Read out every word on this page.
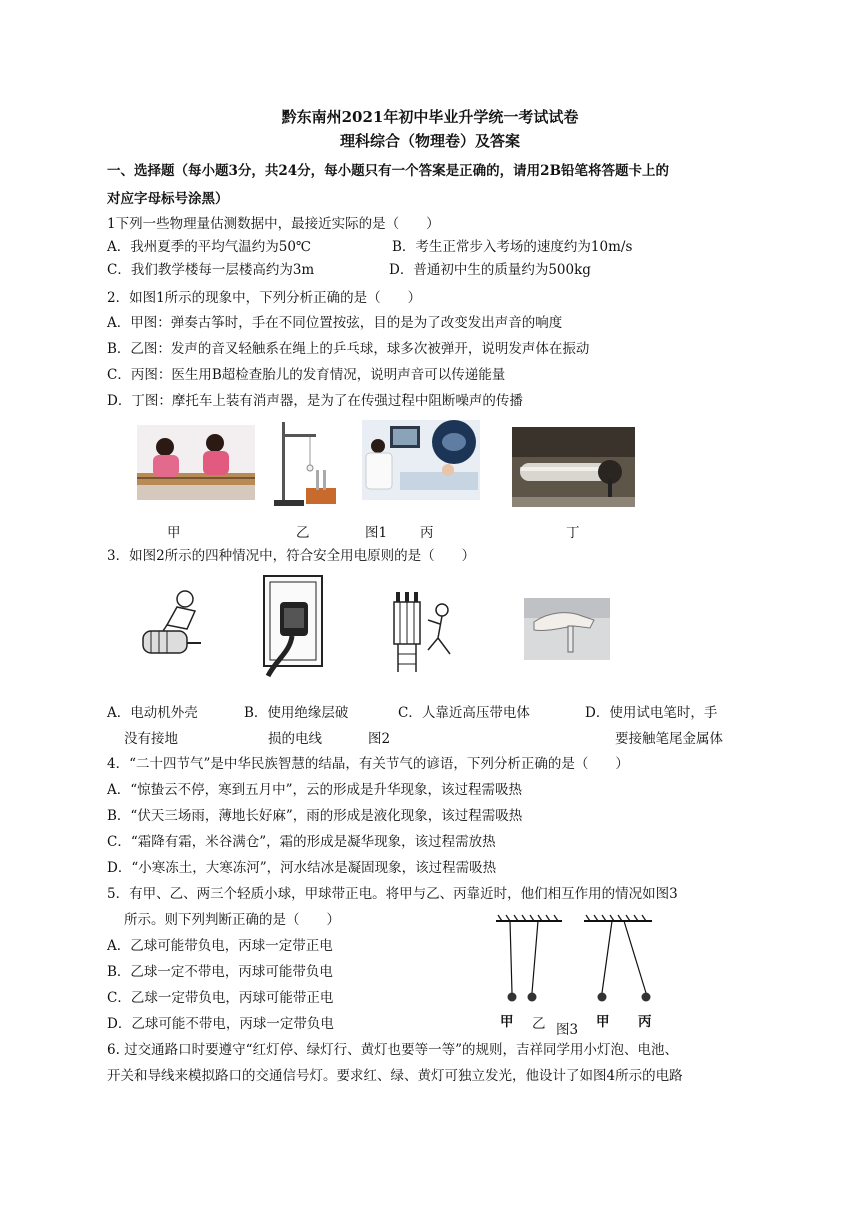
黔东南州2021年初中毕业升学统一考试试卷
理科综合（物理卷）及答案
一、选择题（每小题3分，共24分，每小题只有一个答案是正确的，请用2B铅笔将答题卡上的
对应字母标号涂黑）
1下列一些物理量估测数据中，最接近实际的是（　　）
A．我州夏季的平均气温约为50℃	B．考生正常步入考场的速度约为10m/s
C．我们教学楼每一层楼高约为3m	D．普通初中生的质量约为500kg
2．如图1所示的现象中，下列分析正确的是（　　）
A．甲图：弹奏古筝时，手在不同位置按弦，目的是为了改变发出声音的响度
B．乙图：发声的音叉轻触系在绳上的乒乓球，球多次被弹开，说明发声体在振动
C．丙图：医生用B超检查胎儿的发育情况，说明声音可以传递能量
D．丁图：摩托车上装有消声器，是为了在传强过程中阻断噪声的传播
甲	乙	图1 丙	丁
3．如图2所示的四种情况中，符合安全用电原则的是（　　）
A．电动机外壳
没有接地
B．使用绝缘层破
损的电线
C．人靠近高压带电体
图2
D．使用试电笔时，手
要接触笔尾金属体
4．“二十四节气”是中华民族智慧的结晶，有关节气的谚语，下列分析正确的是（　　）
A．“惊蛰云不停，寒到五月中”，云的形成是升华现象，该过程需吸热
B．“伏天三场雨，薄地长好麻”，雨的形成是液化现象，该过程需吸热
C．“霜降有霜，米谷满仓”，霜的形成是凝华现象，该过程需放热
D．“小寒冻土，大寒冻河”，河水结冰是凝固现象，该过程需吸热
5．有甲、乙、两三个轻质小球，甲球带正电。将甲与乙、丙靠近时，他们相互作用的情况如图3
所示。则下列判断正确的是（　　）
A．乙球可能带负电，丙球一定带正电
B．乙球一定不带电，丙球可能带负电
C．乙球一定带负电，丙球可能带正电
D．乙球可能不带电，丙球一定带负电	甲 乙 图3 甲 丙
6. 过交通路口时要遵守“红灯停、绿灯行、黄灯也要等一等”的规则，吉祥同学用小灯泡、电池、
开关和导线来模拟路口的交通信号灯。要求红、绿、黄灯可独立发光，他设计了如图4所示的电路
